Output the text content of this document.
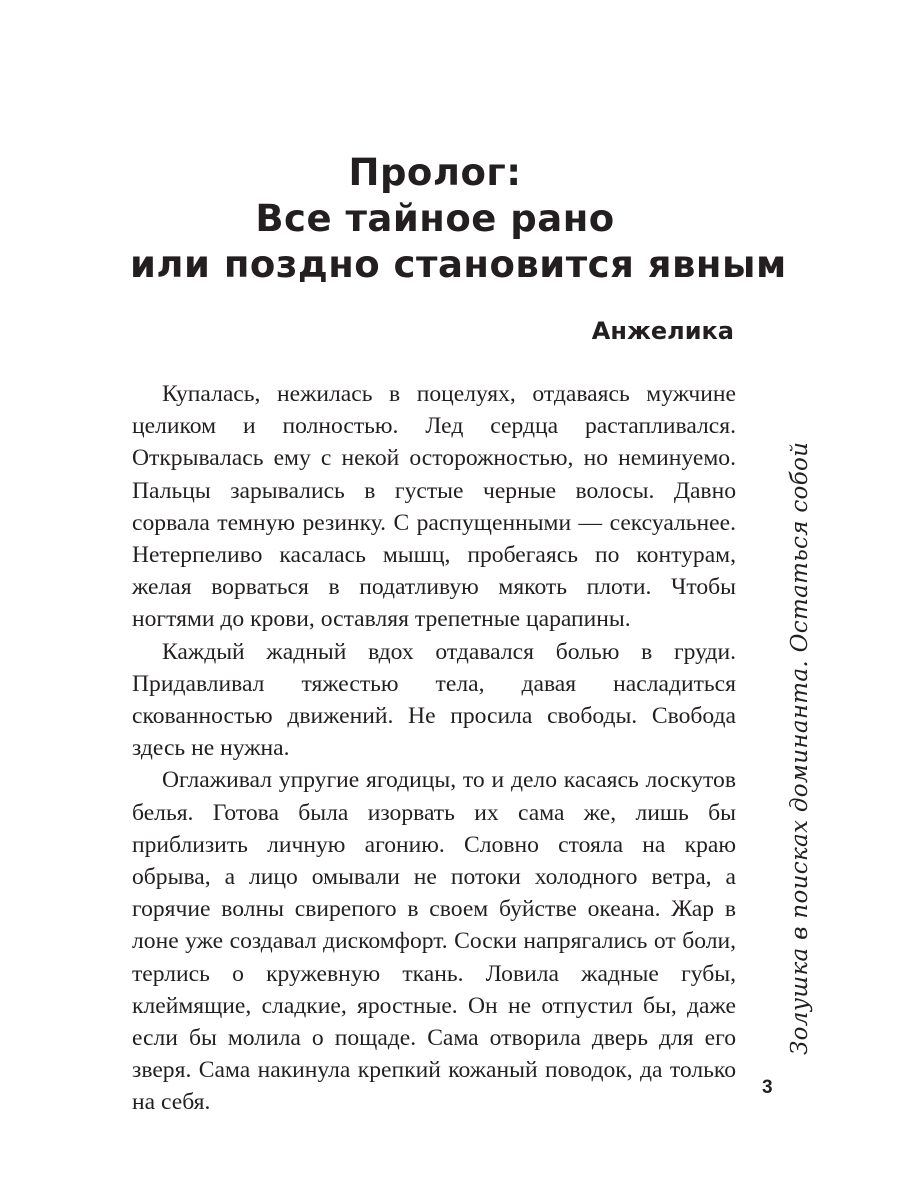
Пролог:
Все тайное рано
или поздно становится явным
Анжелика

Купалась, нежилась в поцелуях, отдаваясь мужчине целиком и полностью. Лед сердца растапливался. Открывалась ему с некой осторожностью, но неминуемо. Пальцы зарывались в густые черные волосы. Давно сорвала темную резинку. С распущенными — сексуальнее. Нетерпеливо касалась мышц, пробегаясь по контурам, желая ворваться в податливую мякоть плоти. Чтобы ногтями до крови, оставляя трепетные царапины.

Каждый жадный вдох отдавался болью в груди. Придавливал тяжестью тела, давая насладиться скованностью движений. Не просила свободы. Свобода здесь не нужна.

Оглаживал упругие ягодицы, то и дело касаясь лоскутов белья. Готова была изорвать их сама же, лишь бы приблизить личную агонию. Словно стояла на краю обрыва, а лицо омывали не потоки холодного ветра, а горячие волны свирепого в своем буйстве океана. Жар в лоне уже создавал дискомфорт. Соски напрягались от боли, терлись о кружевную ткань. Ловила жадные губы, клеймящие, сладкие, яростные. Он не отпустил бы, даже если бы молила о пощаде. Сама отворила дверь для его зверя. Сама накинула крепкий кожаный поводок, да только на себя.

Золушка в поисках доминанта. Остаться собой
3
